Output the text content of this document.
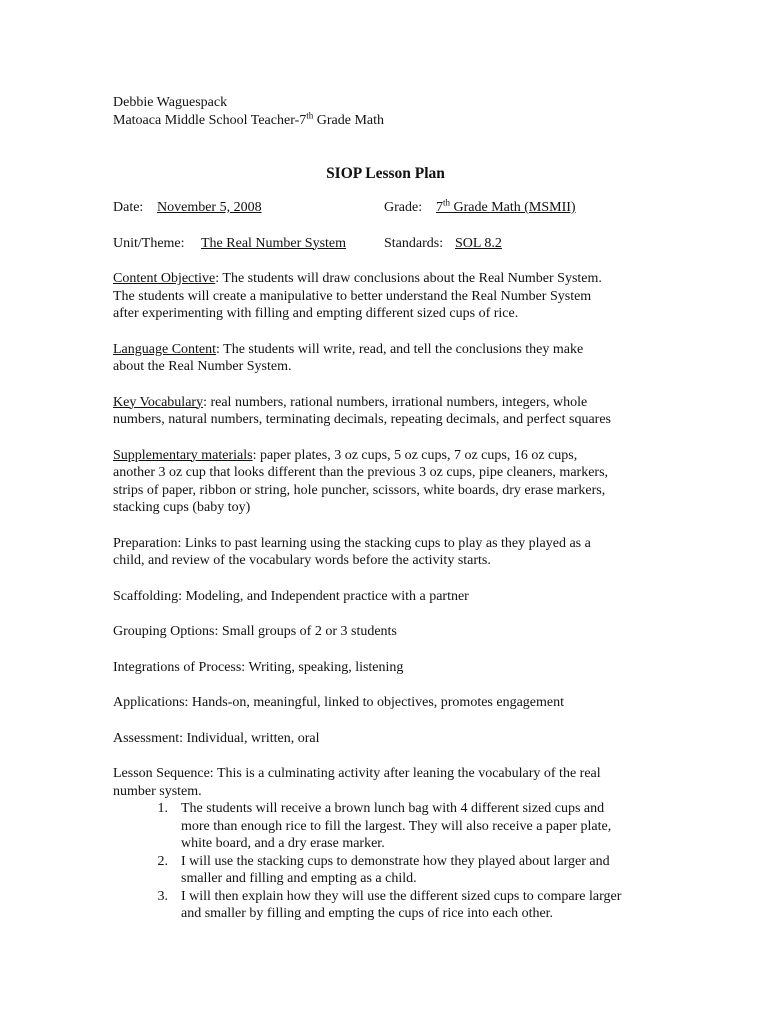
Debbie Waguespack
Matoaca Middle School Teacher-7th Grade Math
SIOP Lesson Plan
Date: November 5, 2008	Grade: 7th Grade Math (MSMII)
Unit/Theme:	The Real Number System	Standards: SOL 8.2
Content Objective: The students will draw conclusions about the Real Number System.
The students will create a manipulative to better understand the Real Number System
after experimenting with filling and empting different sized cups of rice.
Language Content: The students will write, read, and tell the conclusions they make
about the Real Number System.
Key Vocabulary: real numbers, rational numbers, irrational numbers, integers, whole
numbers, natural numbers, terminating decimals, repeating decimals, and perfect squares
Supplementary materials: paper plates, 3 oz cups, 5 oz cups, 7 oz cups, 16 oz cups,
another 3 oz cup that looks different than the previous 3 oz cups, pipe cleaners, markers,
strips of paper, ribbon or string, hole puncher, scissors, white boards, dry erase markers,
stacking cups (baby toy)
Preparation: Links to past learning using the stacking cups to play as they played as a
child, and review of the vocabulary words before the activity starts.
Scaffolding: Modeling, and Independent practice with a partner
Grouping Options: Small groups of 2 or 3 students
Integrations of Process: Writing, speaking, listening
Applications: Hands-on, meaningful, linked to objectives, promotes engagement
Assessment: Individual, written, oral
Lesson Sequence: This is a culminating activity after leaning the vocabulary of the real
number system.
1. The students will receive a brown lunch bag with 4 different sized cups and
more than enough rice to fill the largest. They will also receive a paper plate,
white board, and a dry erase marker.
2. I will use the stacking cups to demonstrate how they played about larger and
smaller and filling and empting as a child.
3. I will then explain how they will use the different sized cups to compare larger
and smaller by filling and empting the cups of rice into each other.
